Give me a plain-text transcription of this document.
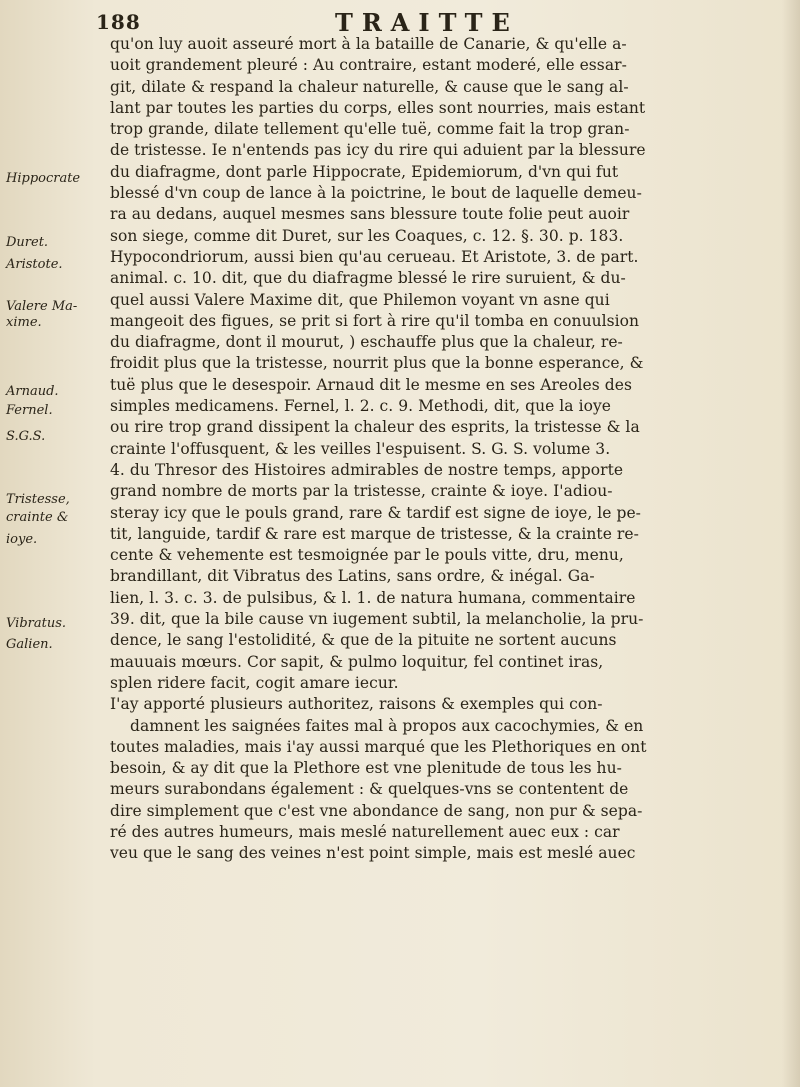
188	TRAITTE
Hippocrate
Duret.
Aristote.
Valere Ma-
xime.
Arnaud.
Fernel.
S.G.S.
Tristesse,
crainte &
ioye.
Vibratus.
Galien.
qu'on luy auoit asseuré mort à la bataille de Canarie, & qu'elle a-
uoit grandement pleuré : Au contraire, estant moderé, elle essar-
git, dilate & respand la chaleur naturelle, & cause que le sang al-
lant par toutes les parties du corps, elles sont nourries, mais estant
trop grande, dilate tellement qu'elle tuë, comme fait la trop gran-
de tristesse. Ie n'entends pas icy du rire qui aduient par la blessure
du diafragme, dont parle Hippocrate, Epidemiorum, d'vn qui fut
blessé d'vn coup de lance à la poictrine, le bout de laquelle demeu-
ra au dedans, auquel mesmes sans blessure toute folie peut auoir
son siege, comme dit Duret, sur les Coaques, c. 12. §. 30. p. 183.
Hypocondriorum, aussi bien qu'au cerueau. Et Aristote, 3. de part.
animal. c. 10. dit, que du diafragme blessé le rire suruient, & du-
quel aussi Valere Maxime dit, que Philemon voyant vn asne qui
mangeoit des figues, se prit si fort à rire qu'il tomba en conuulsion
du diafragme, dont il mourut, ) eschauffe plus que la chaleur, re-
froidit plus que la tristesse, nourrit plus que la bonne esperance, &
tuë plus que le desespoir. Arnaud dit le mesme en ses Areoles des
simples medicamens. Fernel, l. 2. c. 9. Methodi, dit, que la ioye
ou rire trop grand dissipent la chaleur des esprits, la tristesse & la
crainte l'offusquent, & les veilles l'espuisent. S. G. S. volume 3.
4. du Thresor des Histoires admirables de nostre temps, apporte
grand nombre de morts par la tristesse, crainte & ioye. I'adiou-
steray icy que le pouls grand, rare & tardif est signe de ioye, le pe-
tit, languide, tardif & rare est marque de tristesse, & la crainte re-
cente & vehemente est tesmoignée par le pouls vitte, dru, menu,
brandillant, dit Vibratus des Latins, sans ordre, & inégal. Ga-
lien, l. 3. c. 3. de pulsibus, & l. 1. de natura humana, commentaire
39. dit, que la bile cause vn iugement subtil, la melancholie, la pru-
dence, le sang l'estolidité, & que de la pituite ne sortent aucuns
mauuais mœurs. Cor sapit, & pulmo loquitur, fel continet iras,
splen ridere facit, cogit amare iecur.
I'ay apporté plusieurs authoritez, raisons & exemples qui con-
damnent les saignées faites mal à propos aux cacochymies, & en
toutes maladies, mais i'ay aussi marqué que les Plethoriques en ont
besoin, & ay dit que la Plethore est vne plenitude de tous les hu-
meurs surabondans également : & quelques-vns se contentent de
dire simplement que c'est vne abondance de sang, non pur & sepa-
ré des autres humeurs, mais meslé naturellement auec eux : car
veu que le sang des veines n'est point simple, mais est meslé auec
